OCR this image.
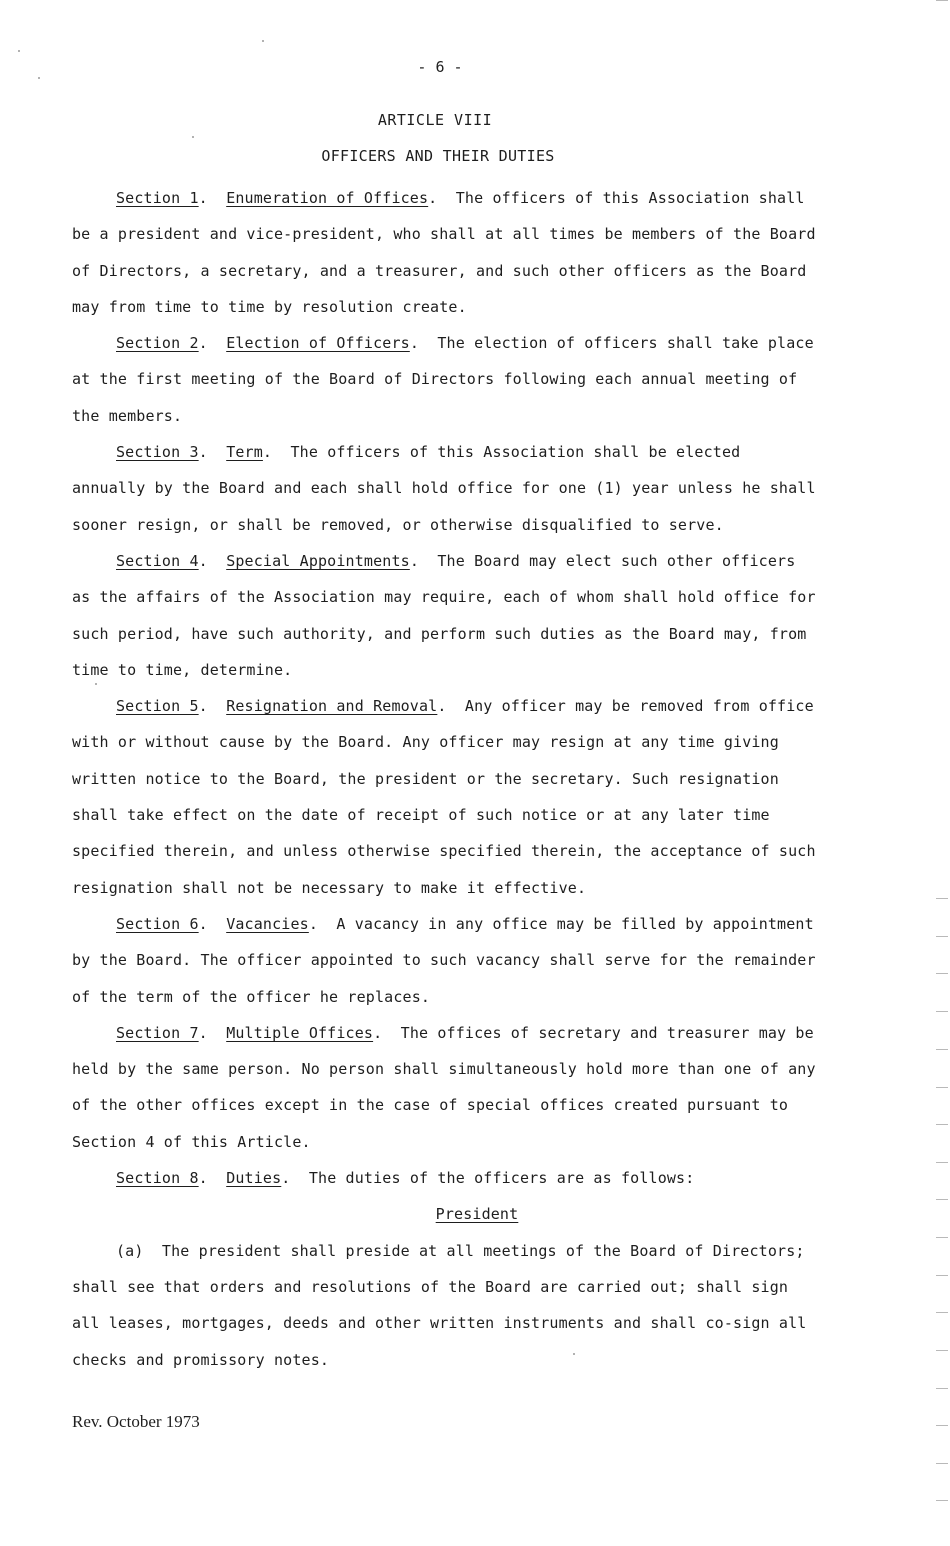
- 6 -
ARTICLE VIII
OFFICERS AND THEIR DUTIES

Section 1.  Enumeration of Offices.  The officers of this Association shall be a president and vice-president, who shall at all times be members of the Board of Directors, a secretary, and a treasurer, and such other officers as the Board may from time to time by resolution create.

Section 2.  Election of Officers.  The election of officers shall take place at the first meeting of the Board of Directors following each annual meeting of the members.

Section 3.  Term.  The officers of this Association shall be elected annually by the Board and each shall hold office for one (1) year unless he shall sooner resign, or shall be removed, or otherwise disqualified to serve.

Section 4.  Special Appointments.  The Board may elect such other officers as the affairs of the Association may require, each of whom shall hold office for such period, have such authority, and perform such duties as the Board may, from time to time, determine.

Section 5.  Resignation and Removal.  Any officer may be removed from office with or without cause by the Board. Any officer may resign at any time giving written notice to the Board, the president or the secretary. Such resignation shall take effect on the date of receipt of such notice or at any later time specified therein, and unless otherwise specified therein, the acceptance of such resignation shall not be necessary to make it effective.

Section 6.  Vacancies.  A vacancy in any office may be filled by appointment by the Board. The officer appointed to such vacancy shall serve for the remainder of the term of the officer he replaces.

Section 7.  Multiple Offices.  The offices of secretary and treasurer may be held by the same person. No person shall simultaneously hold more than one of any of the other offices except in the case of special offices created pursuant to Section 4 of this Article.

Section 8.  Duties.  The duties of the officers are as follows:

President

(a) The president shall preside at all meetings of the Board of Directors; shall see that orders and resolutions of the Board are carried out; shall sign all leases, mortgages, deeds and other written instruments and shall co-sign all checks and promissory notes.

Rev. October 1973
